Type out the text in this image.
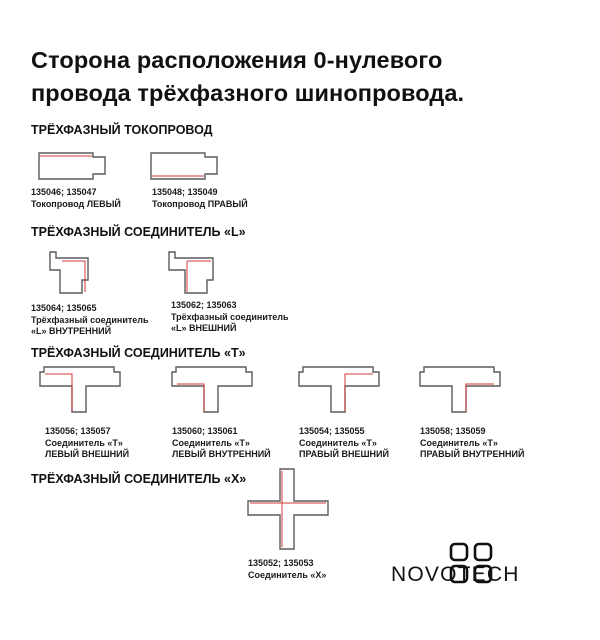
Сторона расположения 0-нулевого
провода трёхфазного шинопровода.
ТРЁХФАЗНЫЙ ТОКОПРОВОД
135046; 135047
Токопровод ЛЕВЫЙ
135048; 135049
Токопровод ПРАВЫЙ
ТРЁХФАЗНЫЙ СОЕДИНИТЕЛЬ «L»
135064; 135065
Трёхфазный соединитель
«L» ВНУТРЕННИЙ
135062; 135063
Трёхфазный соединитель
«L» ВНЕШНИЙ
ТРЁХФАЗНЫЙ СОЕДИНИТЕЛЬ «Т»
135056; 135057
Соединитель «Т»
ЛЕВЫЙ ВНЕШНИЙ
135060; 135061
Соединитель «Т»
ЛЕВЫЙ ВНУТРЕННИЙ
135054; 135055
Соединитель «Т»
ПРАВЫЙ ВНЕШНИЙ
135058; 135059
Соединитель «Т»
ПРАВЫЙ ВНУТРЕННИЙ
ТРЁХФАЗНЫЙ СОЕДИНИТЕЛЬ «Х»
135052; 135053
Соединитель «Х»	NOVOTECH
